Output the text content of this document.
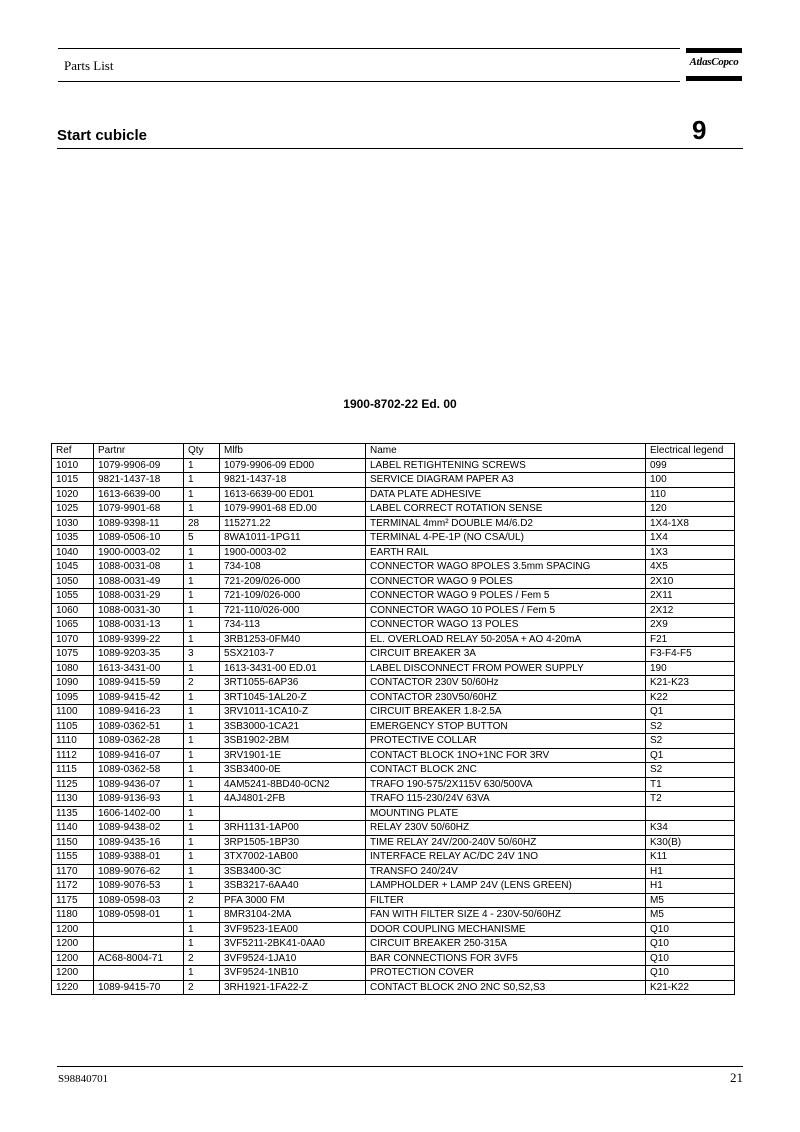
Parts List	AtlasCopco
Start cubicle	9
1900-8702-22 Ed. 00
Ref	Partnr	Qty	Mlfb	Name	Electrical legend
1010	1079-9906-09	1	1079-9906-09 ED00	LABEL RETIGHTENING SCREWS	099
1015	9821-1437-18	1	9821-1437-18	SERVICE DIAGRAM PAPER A3	100
1020	1613-6639-00	1	1613-6639-00 ED01	DATA PLATE ADHESIVE	110
1025	1079-9901-68	1	1079-9901-68 ED.00	LABEL CORRECT ROTATION SENSE	120
1030	1089-9398-11	28	115271.22	TERMINAL 4mm² DOUBLE M4/6.D2	1X4-1X8
1035	1089-0506-10	5	8WA1011-1PG11	TERMINAL 4-PE-1P (NO CSA/UL)	1X4
1040	1900-0003-02	1	1900-0003-02	EARTH RAIL	1X3
1045	1088-0031-08	1	734-108	CONNECTOR WAGO 8POLES 3.5mm SPACING	4X5
1050	1088-0031-49	1	721-209/026-000	CONNECTOR WAGO 9 POLES	2X10
1055	1088-0031-29	1	721-109/026-000	CONNECTOR WAGO 9 POLES / Fem 5	2X11
1060	1088-0031-30	1	721-110/026-000	CONNECTOR WAGO 10 POLES / Fem 5	2X12
1065	1088-0031-13	1	734-113	CONNECTOR WAGO 13 POLES	2X9
1070	1089-9399-22	1	3RB1253-0FM40	EL. OVERLOAD RELAY 50-205A + AO 4-20mA	F21
1075	1089-9203-35	3	5SX2103-7	CIRCUIT BREAKER 3A	F3-F4-F5
1080	1613-3431-00	1	1613-3431-00 ED.01	LABEL DISCONNECT FROM POWER SUPPLY	190
1090	1089-9415-59	2	3RT1055-6AP36	CONTACTOR 230V 50/60Hz	K21-K23
1095	1089-9415-42	1	3RT1045-1AL20-Z	CONTACTOR 230V50/60HZ	K22
1100	1089-9416-23	1	3RV1011-1CA10-Z	CIRCUIT BREAKER 1.8-2.5A	Q1
1105	1089-0362-51	1	3SB3000-1CA21	EMERGENCY STOP BUTTON	S2
1110	1089-0362-28	1	3SB1902-2BM	PROTECTIVE COLLAR	S2
1112	1089-9416-07	1	3RV1901-1E	CONTACT BLOCK 1NO+1NC FOR 3RV	Q1
1115	1089-0362-58	1	3SB3400-0E	CONTACT BLOCK 2NC	S2
1125	1089-9436-07	1	4AM5241-8BD40-0CN2	TRAFO 190-575/2X115V 630/500VA	T1
1130	1089-9136-93	1	4AJ4801-2FB	TRAFO 115-230/24V 63VA	T2
1135	1606-1402-00	1		MOUNTING PLATE	
1140	1089-9438-02	1	3RH1131-1AP00	RELAY 230V 50/60HZ	K34
1150	1089-9435-16	1	3RP1505-1BP30	TIME RELAY 24V/200-240V 50/60HZ	K30(B)
1155	1089-9388-01	1	3TX7002-1AB00	INTERFACE RELAY AC/DC 24V 1NO	K11
1170	1089-9076-62	1	3SB3400-3C	TRANSFO 240/24V	H1
1172	1089-9076-53	1	3SB3217-6AA40	LAMPHOLDER + LAMP 24V (LENS GREEN)	H1
1175	1089-0598-03	2	PFA 3000 FM	FILTER	M5
1180	1089-0598-01	1	8MR3104-2MA	FAN WITH FILTER SIZE 4 - 230V-50/60HZ	M5
1200		1	3VF9523-1EA00	DOOR COUPLING MECHANISME	Q10
1200		1	3VF5211-2BK41-0AA0	CIRCUIT BREAKER 250-315A	Q10
1200	AC68-8004-71	2	3VF9524-1JA10	BAR CONNECTIONS FOR 3VF5	Q10
1200		1	3VF9524-1NB10	PROTECTION COVER	Q10
1220	1089-9415-70	2	3RH1921-1FA22-Z	CONTACT BLOCK 2NO 2NC S0,S2,S3	K21-K22
S98840701	21
